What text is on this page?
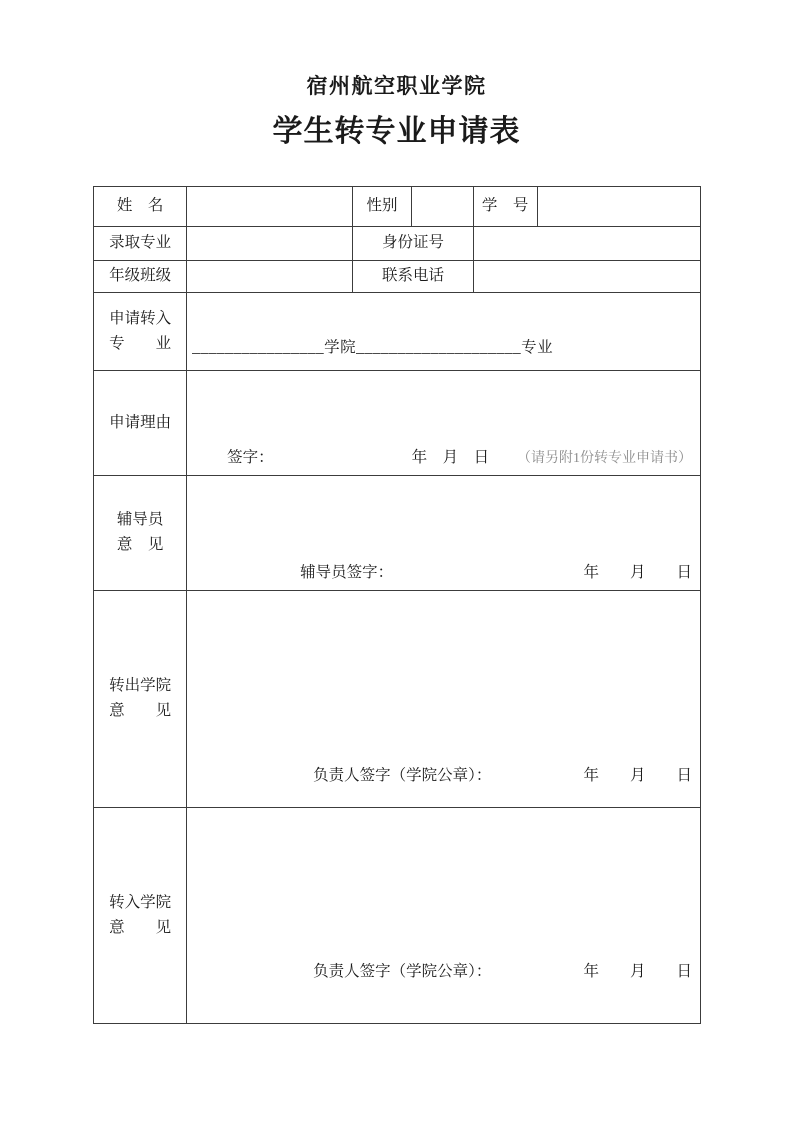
宿州航空职业学院
学生转专业申请表
姓　名		性别		学　号	
录取专业		身份证号			
年级班级		联系电话			

申请转入
专　　业	________________学院____________________专业				

申请理由	签字： 年　月　日 （请另附1份转专业申请书）				

辅导员
意　见

辅导员签字：	年　　月　　日

转出学院
意　　见

负责人签字（学院公章）：	年　　月　　日

转入学院
意　　见

负责人签字（学院公章）：	年　　月　　日
